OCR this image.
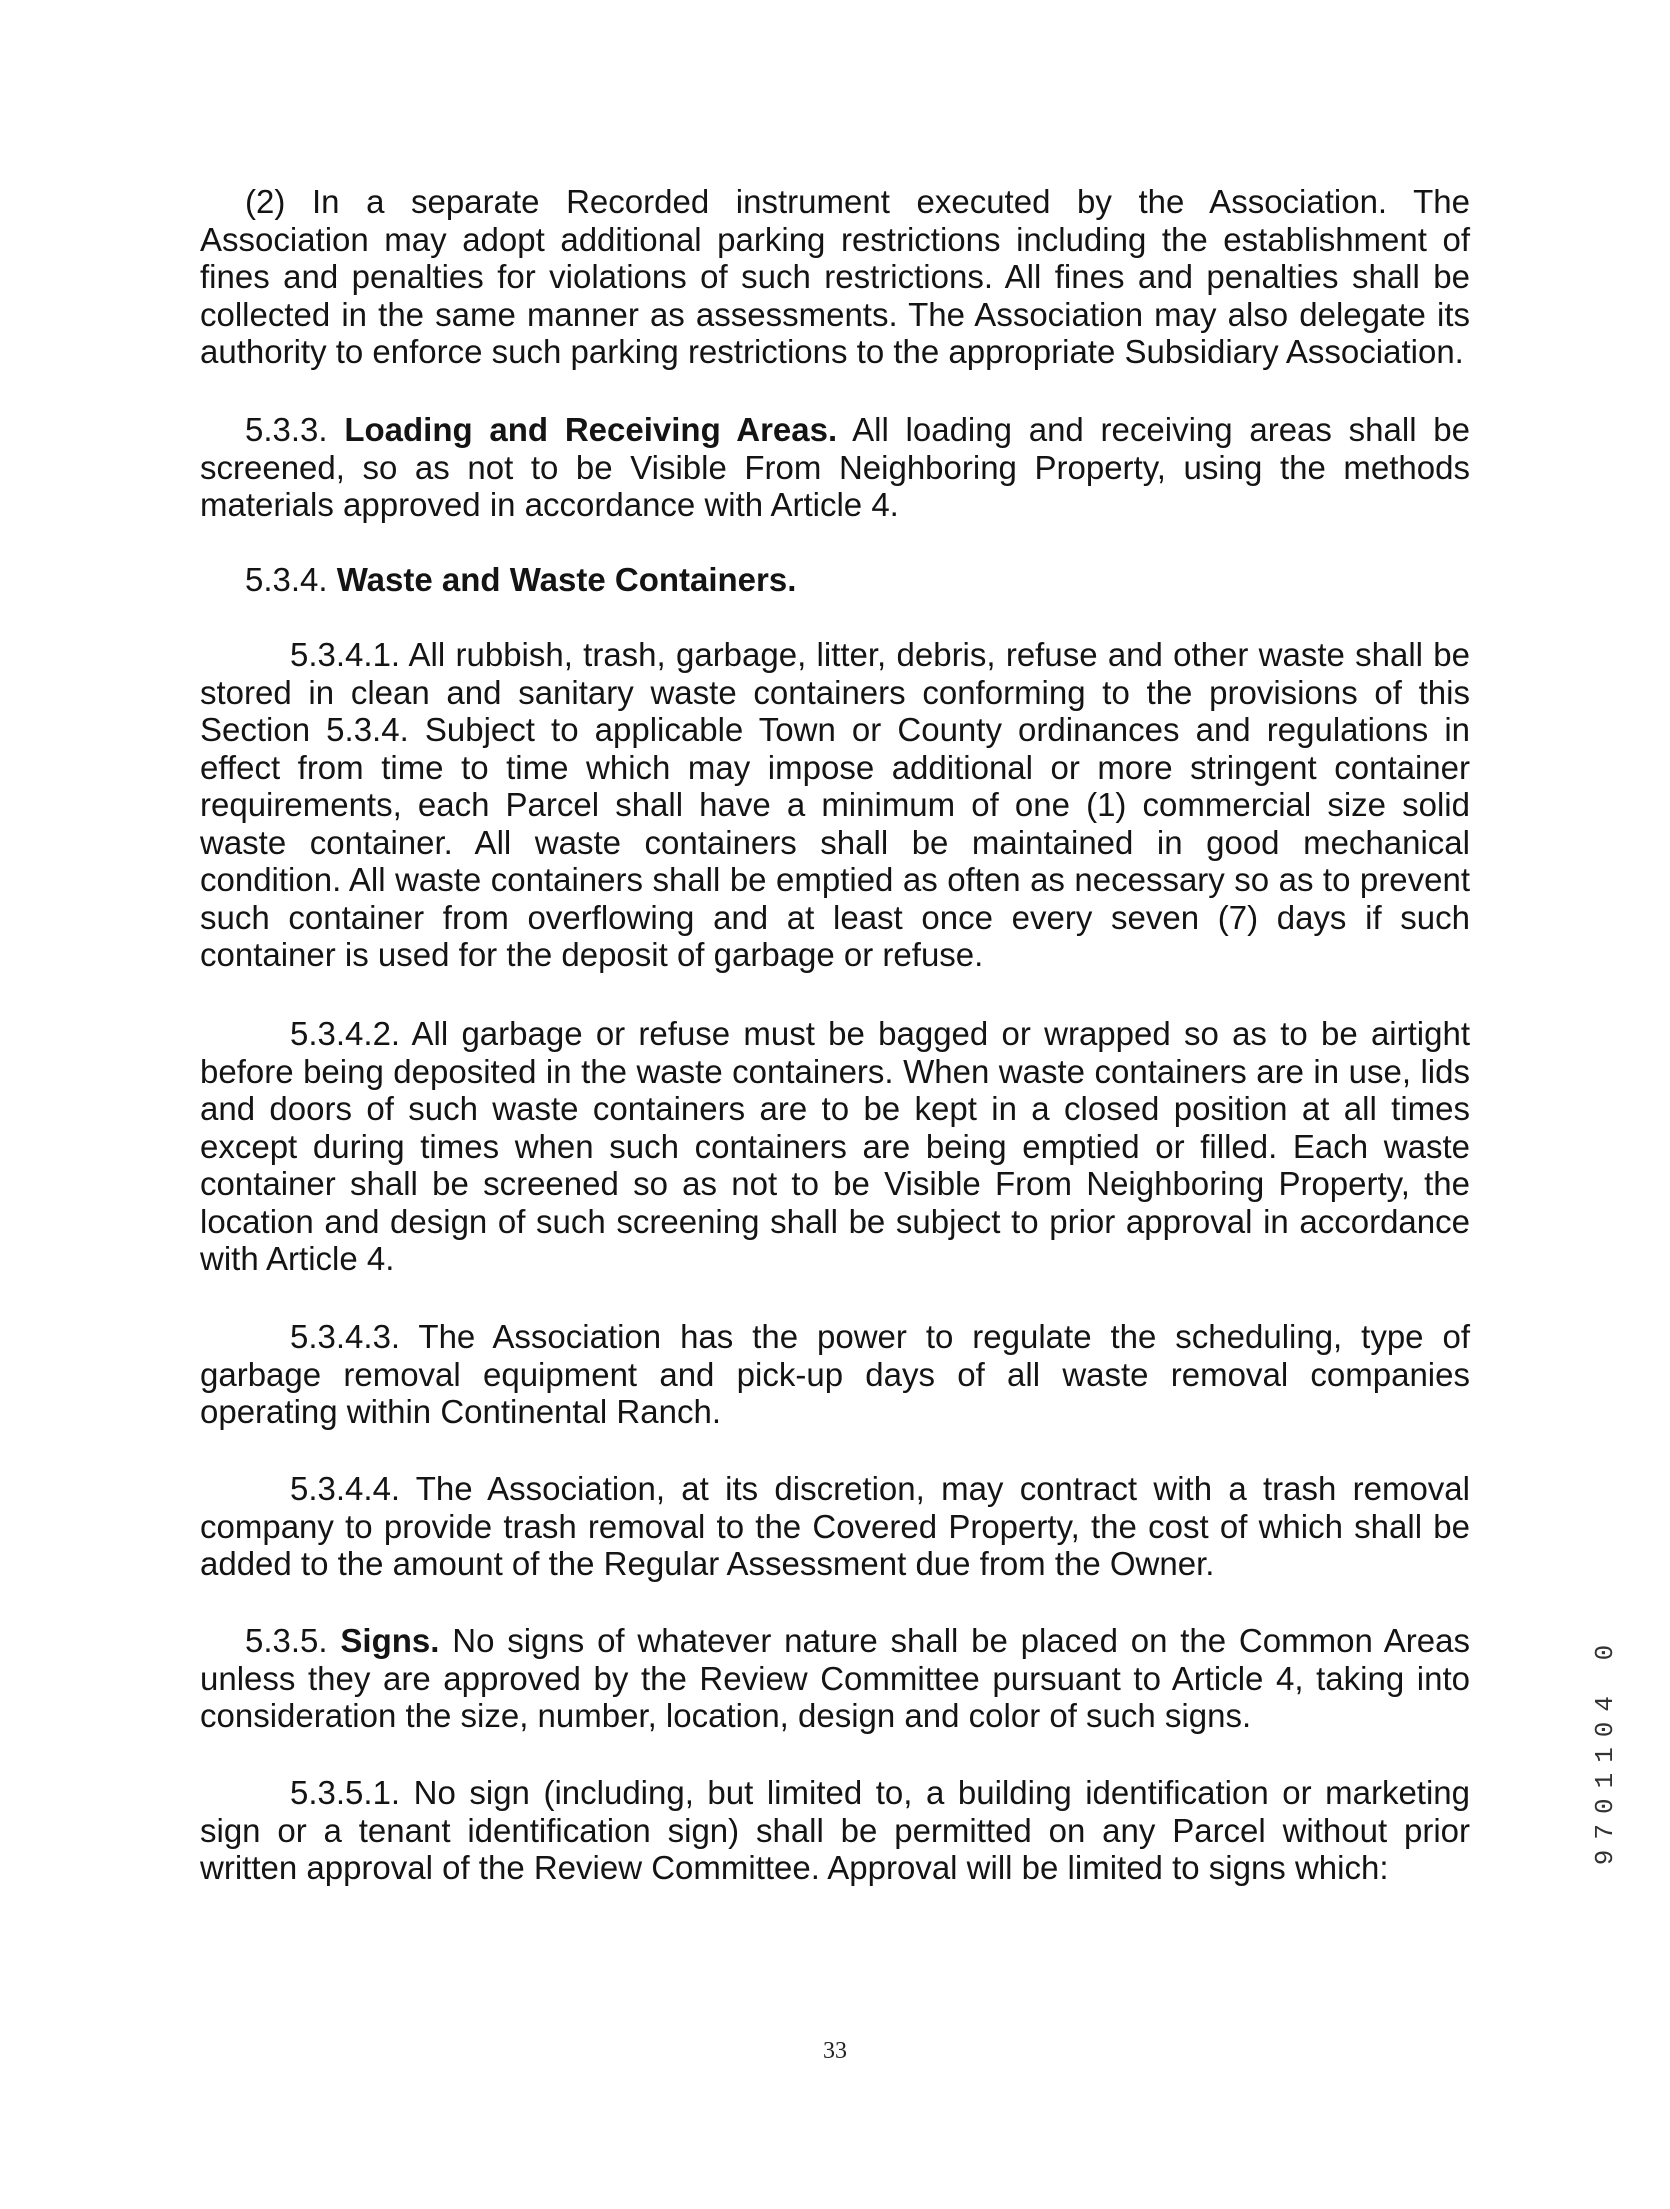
(2) In a separate Recorded instrument executed by the Association. The Association may adopt additional parking restrictions including the establishment of fines and penalties for violations of such restrictions. All fines and penalties shall be collected in the same manner as assessments. The Association may also delegate its authority to enforce such parking restrictions to the appropriate Subsidiary Association.

5.3.3. Loading and Receiving Areas. All loading and receiving areas shall be screened, so as not to be Visible From Neighboring Property, using the methods materials approved in accordance with Article 4.

5.3.4. Waste and Waste Containers.

5.3.4.1. All rubbish, trash, garbage, litter, debris, refuse and other waste shall be stored in clean and sanitary waste containers conforming to the provisions of this Section 5.3.4. Subject to applicable Town or County ordinances and regulations in effect from time to time which may impose additional or more stringent container requirements, each Parcel shall have a minimum of one (1) commercial size solid waste container. All waste containers shall be maintained in good mechanical condition. All waste containers shall be emptied as often as necessary so as to prevent such container from overflowing and at least once every seven (7) days if such container is used for the deposit of garbage or refuse.

5.3.4.2. All garbage or refuse must be bagged or wrapped so as to be airtight before being deposited in the waste containers. When waste containers are in use, lids and doors of such waste containers are to be kept in a closed position at all times except during times when such containers are being emptied or filled. Each waste container shall be screened so as not to be Visible From Neighboring Property, the location and design of such screening shall be subject to prior approval in accordance with Article 4.

5.3.4.3. The Association has the power to regulate the scheduling, type of garbage removal equipment and pick-up days of all waste removal companies operating within Continental Ranch.

5.3.4.4. The Association, at its discretion, may contract with a trash removal company to provide trash removal to the Covered Property, the cost of which shall be added to the amount of the Regular Assessment due from the Owner.

5.3.5. Signs. No signs of whatever nature shall be placed on the Common Areas unless they are approved by the Review Committee pursuant to Article 4, taking into consideration the size, number, location, design and color of such signs.

5.3.5.1. No sign (including, but limited to, a building identification or marketing sign or a tenant identification sign) shall be permitted on any Parcel without prior written approval of the Review Committee. Approval will be limited to signs which:

33
9701104 0
